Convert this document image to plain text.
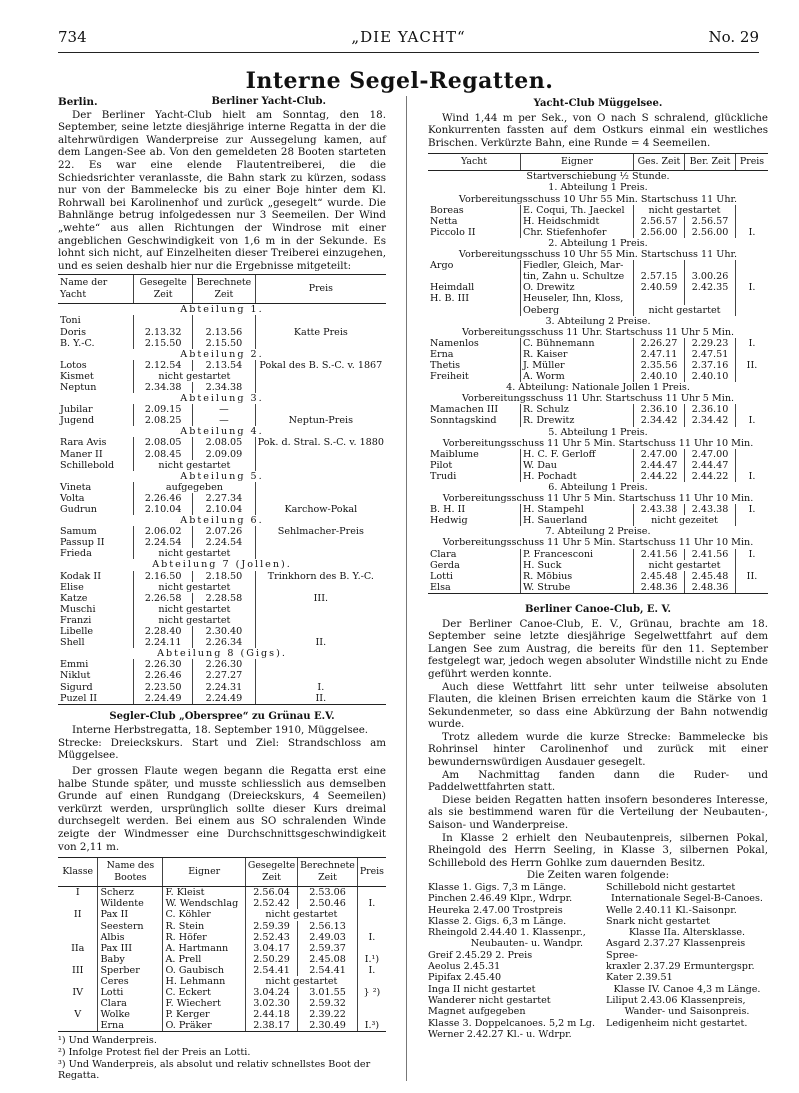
734	„DIE YACHT“	No. 29
Interne Segel-Regatten.
Berlin.	Berliner Yacht-Club.

Der Berliner Yacht-Club hielt am Sonntag, den 18. September, seine letzte diesjährige interne Regatta in der die altehrwürdigen Wanderpreise zur Aussegelung kamen, auf dem Langen-See ab. Von den gemeldeten 28 Booten starteten 22. Es war eine elende Flautentreiberei, die die Schiedsrichter veranlasste, die Bahn stark zu kürzen, sodass nur von der Bammelecke bis zu einer Boje hinter dem Kl. Rohrwall bei Karolinenhof und zurück „gesegelt“ wurde. Die Bahnlänge betrug infolgedessen nur 3 Seemeilen. Der Wind „wehte“ aus allen Richtungen der Windrose mit einer angeblichen Geschwindigkeit von 1,6 m in der Sekunde. Es lohnt sich nicht, auf Einzelheiten dieser Treiberei einzugehen, und es seien deshalb hier nur die Ergebnisse mitgeteilt:

Name der Yacht	Gesegelte Zeit	Berechnete Zeit	Preis
Abteilung 1.			
Toni			
Doris	2.13.32	2.13.56	Katte Preis
B. Y.-C.	2.15.50	2.15.50	
Abteilung 2.			
Lotos	2.12.54	2.13.54	Pokal des B. S.-C. v. 1867
Kismet	nicht gestartet		
Neptun	2.34.38	2.34.38	
Abteilung 3.			
Jubilar	2.09.15	—	
Jugend	2.08.25	—	Neptun-Preis
Abteilung 4.			
Rara Avis	2.08.05	2.08.05	Pok. d. Stral. S.-C. v. 1880
Maner II	2.08.45	2.09.09	
Schillebold	nicht gestartet		
Abteilung 5.			
Vineta	aufgegeben		
Volta	2.26.46	2.27.34	
Gudrun	2.10.04	2.10.04	Karchow-Pokal
Abteilung 6.			
Samum	2.06.02	2.07.26	Sehlmacher-Preis
Passup II	2.24.54	2.24.54	
Frieda	nicht gestartet		
Abteilung 7 (Jollen).			
Kodak II	2.16.50	2.18.50	Trinkhorn des B. Y.-C.
Elise	nicht gestartet		
Katze	2.26.58	2.28.58	III.
Muschi	nicht gestartet		
Franzi	nicht gestartet		
Libelle	2.28.40	2.30.40	
Shell	2.24.11	2.26.34	II.
Abteilung 8 (Gigs).			
Emmi	2.26.30	2.26.30	
Niklut	2.26.46	2.27.27	
Sigurd	2.23.50	2.24.31	I.
Puzel II	2.24.49	2.24.49	II.
Segler-Club „Oberspree“ zu Grünau E.V.

Interne Herbstregatta, 18. September 1910, Müggelsee.

Strecke: Dreieckskurs. Start und Ziel: Strandschloss am Müggelsee.

Der grossen Flaute wegen begann die Regatta erst eine halbe Stunde später, und musste schliesslich aus demselben Grunde auf einen Rundgang (Dreieckskurs, 4 Seemeilen) verkürzt werden, ursprünglich sollte dieser Kurs dreimal durchsegelt werden. Bei einem aus SO schralenden Winde zeigte der Windmesser eine Durchschnittsgeschwindigkeit von 2,11 m.

Klasse	Name des Bootes	Eigner	Gesegelte Zeit	Berechnete Zeit	Preis
I	Scherz	F. Kleist	2.56.04	2.53.06	
	Wildente	W. Wendschlag	2.52.42	2.50.46	I.
II	Pax II	C. Köhler	nicht gestartet		
	Seestern	R. Stein	2.59.39	2.56.13	
	Albis	R. Höfer	2.52.43	2.49.03	I.
IIa	Pax III	A. Hartmann	3.04.17	2.59.37	
	Baby	A. Prell	2.50.29	2.45.08	I.¹)
III	Sperber	O. Gaubisch	2.54.41	2.54.41	I.
	Ceres	H. Lehmann	nicht gestartet		
IV	Lotti	C. Eckert	3.04.24	3.01.55	} ²)
	Clara	F. Wiechert	3.02.30	2.59.32	
V	Wolke	P. Kerger	2.44.18	2.39.22	
	Erna	O. Präker	2.38.17	2.30.49	I.³)
¹) Und Wanderpreis.
²) Infolge Protest fiel der Preis an Lotti.
³) Und Wanderpreis, als absolut und relativ schnellstes Boot der Regatta.
Yacht-Club Müggelsee.

Wind 1,44 m per Sek., von O nach S schralend, glückliche Konkurrenten fassten auf dem Ostkurs einmal ein westliches Brischen. Verkürzte Bahn, eine Runde = 4 Seemeilen.

Yacht	Eigner	Ges. Zeit	Ber. Zeit	Preis
Startverschiebung ½ Stunde.				
1. Abteilung 1 Preis.				
Vorbereitungsschuss 10 Uhr 55 Min. Startschuss 11 Uhr.				
Boreas	E. Coqui, Th. Jaeckel	nicht gestartet		
Netta	H. Heidschmidt	2.56.57	2.56.57	
Piccolo II	Chr. Stiefenhofer	2.56.00	2.56.00	I.
2. Abteilung 1 Preis.				
Vorbereitungsschuss 10 Uhr 55 Min. Startschuss 11 Uhr.				
Argo	Fiedler, Gleich, Mar-			
	tin, Zahn u. Schultze	2.57.15	3.00.26	
Heimdall	O. Drewitz	2.40.59	2.42.35	I.
H. B. III	Heuseler, Ihn, Kloss,			
	Oeberg	nicht gestartet		
3. Abteilung 2 Preise.				
Vorbereitungsschuss 11 Uhr. Startschuss 11 Uhr 5 Min.				
Namenlos	C. Bühnemann	2.26.27	2.29.23	I.
Erna	R. Kaiser	2.47.11	2.47.51	
Thetis	J. Müller	2.35.56	2.37.16	II.
Freiheit	A. Worm	2.40.10	2.40.10	
4. Abteilung: Nationale Jollen 1 Preis.				
Vorbereitungsschuss 11 Uhr. Startschuss 11 Uhr 5 Min.				
Mamachen III	R. Schulz	2.36.10	2.36.10	
Sonntagskind	R. Drewitz	2.34.42	2.34.42	I.
5. Abteilung 1 Preis.				
Vorbereitungsschuss 11 Uhr 5 Min. Startschuss 11 Uhr 10 Min.				
Maiblume	H. C. F. Gerloff	2.47.00	2.47.00	
Pilot	W. Dau	2.44.47	2.44.47	
Trudi	H. Pochadt	2.44.22	2.44.22	I.
6. Abteilung 1 Preis.				
Vorbereitungsschuss 11 Uhr 5 Min. Startschuss 11 Uhr 10 Min.				
B. H. II	H. Stampehl	2.43.38	2.43.38	I.
Hedwig	H. Sauerland	nicht gezeitet		
7. Abteilung 2 Preise.				
Vorbereitungsschuss 11 Uhr 5 Min. Startschuss 11 Uhr 10 Min.				
Clara	P. Francesconi	2.41.56	2.41.56	I.
Gerda	H. Suck	nicht gestartet		
Lotti	R. Möbius	2.45.48	2.45.48	II.
Elsa	W. Strube	2.48.36	2.48.36	
Berliner Canoe-Club, E. V.

Der Berliner Canoe-Club, E. V., Grünau, brachte am 18. September seine letzte diesjährige Segelwettfahrt auf dem Langen See zum Austrag, die bereits für den 11. September festgelegt war, jedoch wegen absoluter Windstille nicht zu Ende geführt werden konnte.

Auch diese Wettfahrt litt sehr unter teilweise absoluten Flauten, die kleinen Brisen erreichten kaum die Stärke von 1 Sekundenmeter, so dass eine Abkürzung der Bahn notwendig wurde.

Trotz alledem wurde die kurze Strecke: Bammelecke bis Rohrinsel hinter Carolinenhof und zurück mit einer bewundernswürdigen Ausdauer gesegelt.

Am Nachmittag fanden dann die Ruder- und Paddelwettfahrten statt.

Diese beiden Regatten hatten insofern besonderes Interesse, als sie bestimmend waren für die Verteilung der Neubauten-, Saison- und Wanderpreise.

In Klasse 2 erhielt den Neubautenpreis, silbernen Pokal, Rheingold des Herrn Seeling, in Klasse 3, silbernen Pokal, Schillebold des Herrn Gohlke zum dauernden Besitz.

Die Zeiten waren folgende:

Klasse 1. Gigs. 7,3 m Länge.
Pinchen 2.46.49 Klpr., Wdrpr.
Heureka 2.47.00 Trostpreis
Klasse 2. Gigs. 6,3 m Länge.
Rheingold 2.44.40 1. Klassenpr.,
Neubauten- u. Wandpr.
Greif 2.45.29 2. Preis
Aeolus 2.45.31
Pipifax 2.45.40
Inga II nicht gestartet
Wanderer nicht gestartet
Magnet aufgegeben
Klasse 3. Doppelcanoes. 5,2 m Lg.
Werner 2.42.27 Kl.- u. Wdrpr.
Schillebold nicht gestartet
Internationale Segel-B-Canoes.
Welle 2.40.11 Kl.-Saisonpr.
Snark nicht gestartet
Klasse IIa. Altersklasse.
Asgard 2.37.27 Klassenpreis
Spree-
kraxler 2.37.29 Ermuntergspr.
Kater 2.39.51
Klasse IV. Canoe 4,3 m Länge.
Liliput 2.43.06 Klassenpreis,
Wander- und Saisonpreis.
Ledigenheim nicht gestartet.
